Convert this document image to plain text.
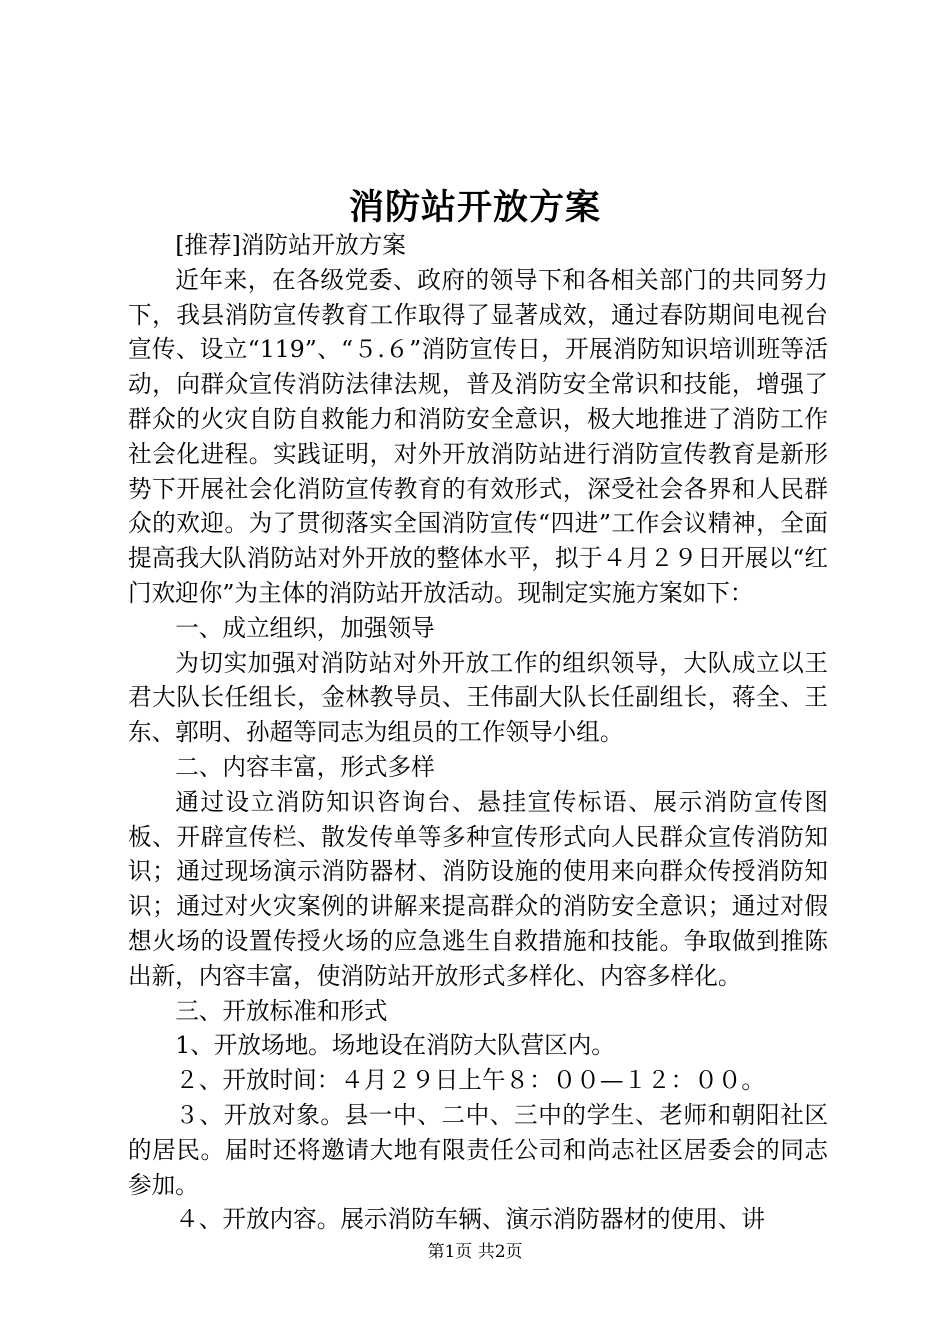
消防站开放方案

[推荐]消防站开放方案

近年来，在各级党委、政府的领导下和各相关部门的共同努力下，我县消防宣传教育工作取得了显著成效，通过春防期间电视台宣传、设立“119”、“５.６”消防宣传日，开展消防知识培训班等活动，向群众宣传消防法律法规，普及消防安全常识和技能，增强了群众的火灾自防自救能力和消防安全意识，极大地推进了消防工作社会化进程。实践证明，对外开放消防站进行消防宣传教育是新形势下开展社会化消防宣传教育的有效形式，深受社会各界和人民群众的欢迎。为了贯彻落实全国消防宣传“四进”工作会议精神，全面提高我大队消防站对外开放的整体水平，拟于４月２９日开展以“红门欢迎你”为主体的消防站开放活动。现制定实施方案如下：

一、成立组织，加强领导

为切实加强对消防站对外开放工作的组织领导，大队成立以王君大队长任组长，金林教导员、王伟副大队长任副组长，蒋全、王东、郭明、孙超等同志为组员的工作领导小组。

二、内容丰富，形式多样

通过设立消防知识咨询台、悬挂宣传标语、展示消防宣传图板、开辟宣传栏、散发传单等多种宣传形式向人民群众宣传消防知识；通过现场演示消防器材、消防设施的使用来向群众传授消防知识；通过对火灾案例的讲解来提高群众的消防安全意识；通过对假想火场的设置传授火场的应急逃生自救措施和技能。争取做到推陈出新，内容丰富，使消防站开放形式多样化、内容多样化。

三、开放标准和形式

1、开放场地。场地设在消防大队营区内。

２、开放时间：４月２９日上午８：００—１２：００。

３、开放对象。县一中、二中、三中的学生、老师和朝阳社区的居民。届时还将邀请大地有限责任公司和尚志社区居委会的同志参加。

４、开放内容。展示消防车辆、演示消防器材的使用、讲

第1页 共2页
